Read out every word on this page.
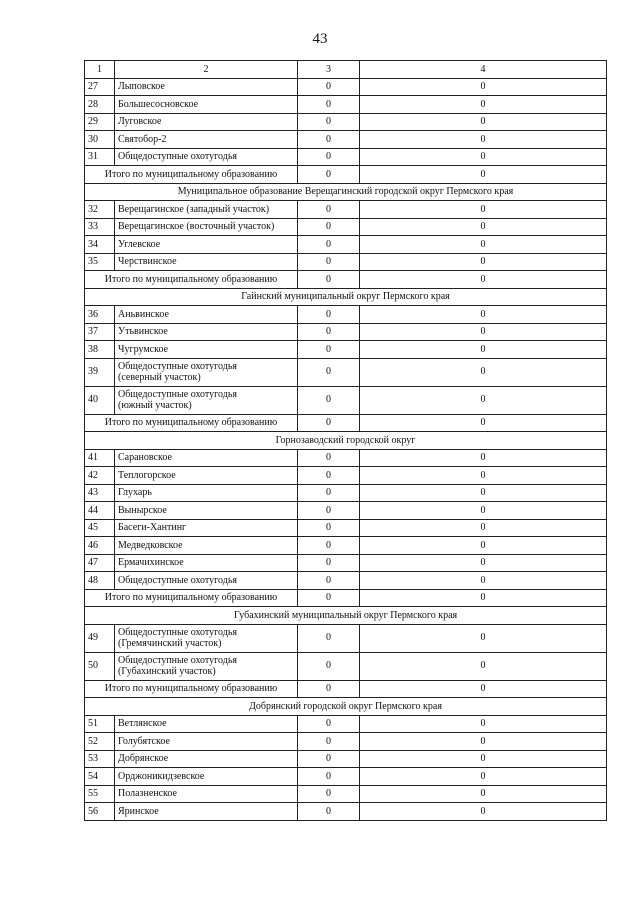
43
1	2	3	4
27	Лыповское	0	0
28	Большесосновское	0	0
29	Луговское	0	0
30	Святобор-2	0	0
31	Общедоступные охотугодья	0	0
Итого по муниципальному образованию		0	0
Муниципальное образование Верещагинский городской округ Пермского края			
32	Верещагинское (западный участок)	0	0
33	Верещагинское (восточный участок)	0	0
34	Углевское	0	0
35	Черствинское	0	0
Итого по муниципальному образованию		0	0
Гайнский муниципальный округ Пермского края			
36	Аньвинское	0	0
37	Утьвинское	0	0
38	Чугрумское	0	0
39	Общедоступные охотугодья
(северный участок)	0	0
40	Общедоступные охотугодья
(южный участок)	0	0
Итого по муниципальному образованию		0	0
Горнозаводский городской округ			
41	Сарановское	0	0
42	Теплогорское	0	0
43	Глухарь	0	0
44	Вынырское	0	0
45	Басеги-Хантинг	0	0
46	Медведковское	0	0
47	Ермачихинское	0	0
48	Общедоступные охотугодья	0	0
Итого по муниципальному образованию		0	0
Губахинский муниципальный округ Пермского края			
49	Общедоступные охотугодья
(Гремячинский участок)	0	0
50	Общедоступные охотугодья
(Губахинский участок)	0	0
Итого по муниципальному образованию		0	0
Добрянский городской округ Пермского края			
51	Ветлянское	0	0
52	Голубятское	0	0
53	Добрянское	0	0
54	Орджоникидзевское	0	0
55	Полазненское	0	0
56	Яринское	0	0
